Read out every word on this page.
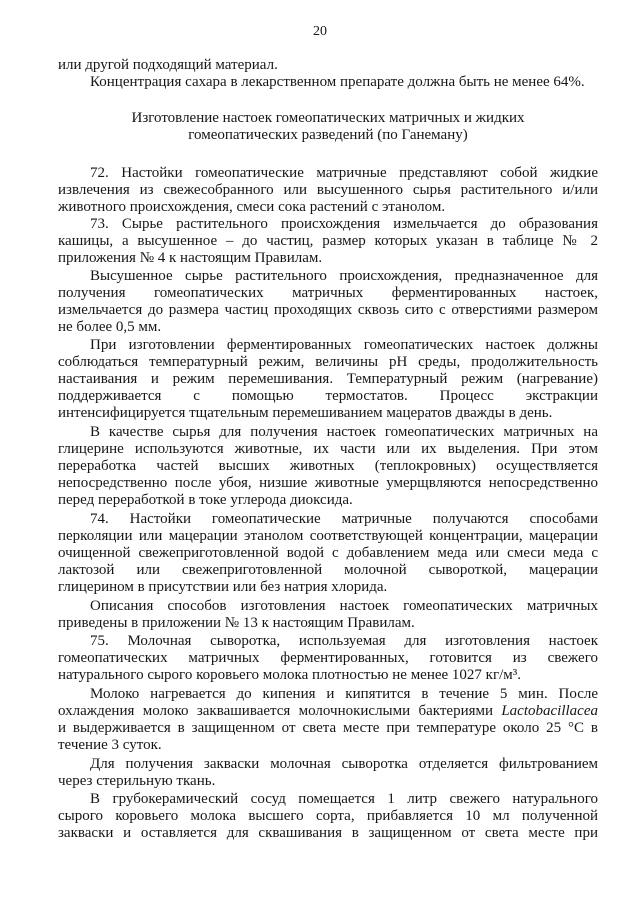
20
или другой подходящий материал.
Концентрация сахара в лекарственном препарате должна быть не менее 64%.
Изготовление настоек гомеопатических матричных и жидких
гомеопатических разведений (по Ганеману)
72. Настойки гомеопатические матричные представляют собой жидкие
извлечения из свежесобранного или высушенного сырья растительного и/или
животного происхождения, смеси сока растений с этанолом.
73. Сырье растительного происхождения измельчается до образования
кашицы, а высушенное – до частиц, размер которых указан в таблице № 2
приложения № 4 к настоящим Правилам.
Высушенное сырье растительного происхождения, предназначенное для
получения гомеопатических матричных ферментированных настоек,
измельчается до размера частиц проходящих сквозь сито с отверстиями размером
не более 0,5 мм.
При изготовлении ферментированных гомеопатических настоек должны
соблюдаться температурный режим, величины pH среды, продолжительность
настаивания и режим перемешивания. Температурный режим (нагревание)
поддерживается с помощью термостатов. Процесс экстракции
интенсифицируется тщательным перемешиванием мацератов дважды в день.
В качестве сырья для получения настоек гомеопатических матричных на
глицерине используются животные, их части или их выделения. При этом
переработка частей высших животных (теплокровных) осуществляется
непосредственно после убоя, низшие животные умерщвляются непосредственно
перед переработкой в токе углерода диоксида.
74. Настойки гомеопатические матричные получаются способами
перколяции или мацерации этанолом соответствующей концентрации, мацерации
очищенной свежеприготовленной водой с добавлением меда или смеси меда с
лактозой или свежеприготовленной молочной сывороткой, мацерации
глицерином в присутствии или без натрия хлорида.
Описания способов изготовления настоек гомеопатических матричных
приведены в приложении № 13 к настоящим Правилам.
75. Молочная сыворотка, используемая для изготовления настоек
гомеопатических матричных ферментированных, готовится из свежего
натурального сырого коровьего молока плотностью не менее 1027 кг/м³.
Молоко нагревается до кипения и кипятится в течение 5 мин. После
охлаждения молоко заквашивается молочнокислыми бактериями Lactobacillacea
и выдерживается в защищенном от света месте при температуре около 25 °С в
течение 3 суток.
Для получения закваски молочная сыворотка отделяется фильтрованием
через стерильную ткань.
В грубокерамический сосуд помещается 1 литр свежего натурального
сырого коровьего молока высшего сорта, прибавляется 10 мл полученной
закваски и оставляется для сквашивания в защищенном от света месте при
